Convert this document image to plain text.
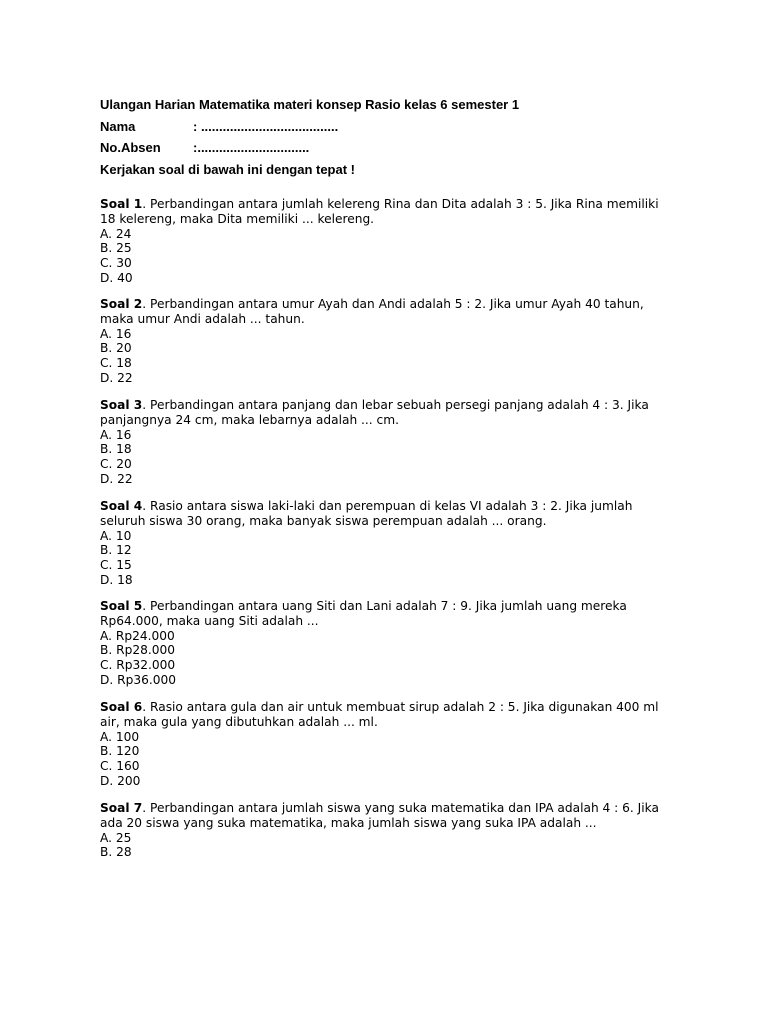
Ulangan Harian Matematika materi konsep Rasio kelas 6 semester 1
Nama	: ......................................
No.Absen :...............................
Kerjakan soal di bawah ini dengan tepat !

Soal 1. Perbandingan antara jumlah kelereng Rina dan Dita adalah 3 : 5. Jika Rina memiliki 18 kelereng, maka Dita memiliki ... kelereng.

A. 24

B. 25

C. 30

D. 40

Soal 2. Perbandingan antara umur Ayah dan Andi adalah 5 : 2. Jika umur Ayah 40 tahun, maka umur Andi adalah ... tahun.

A. 16

B. 20

C. 18

D. 22

Soal 3. Perbandingan antara panjang dan lebar sebuah persegi panjang adalah 4 : 3. Jika panjangnya 24 cm, maka lebarnya adalah ... cm.

A. 16

B. 18

C. 20

D. 22

Soal 4. Rasio antara siswa laki-laki dan perempuan di kelas VI adalah 3 : 2. Jika jumlah seluruh siswa 30 orang, maka banyak siswa perempuan adalah ... orang.

A. 10

B. 12

C. 15

D. 18

Soal 5. Perbandingan antara uang Siti dan Lani adalah 7 : 9. Jika jumlah uang mereka Rp64.000, maka uang Siti adalah ...

A. Rp24.000

B. Rp28.000

C. Rp32.000

D. Rp36.000

Soal 6. Rasio antara gula dan air untuk membuat sirup adalah 2 : 5. Jika digunakan 400 ml air, maka gula yang dibutuhkan adalah ... ml.

A. 100

B. 120

C. 160

D. 200

Soal 7. Perbandingan antara jumlah siswa yang suka matematika dan IPA adalah 4 : 6. Jika ada 20 siswa yang suka matematika, maka jumlah siswa yang suka IPA adalah ...

A. 25

B. 28
